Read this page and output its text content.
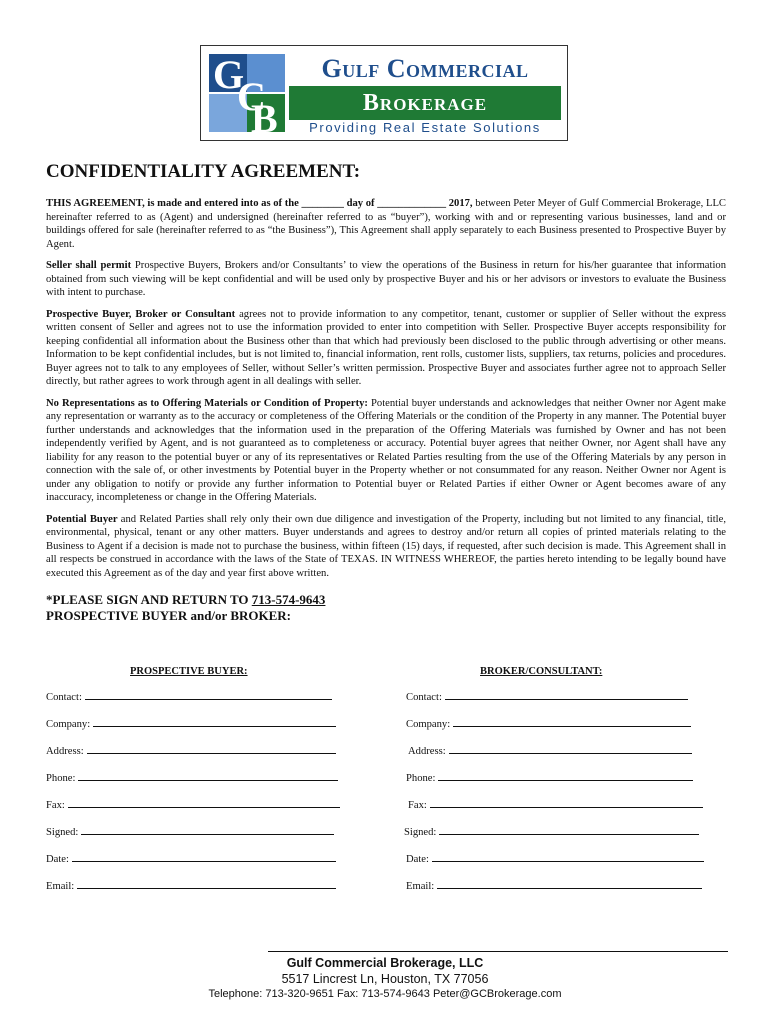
G
C
B
Gulf Commercial
Brokerage
Providing Real Estate Solutions
CONFIDENTIALITY AGREEMENT:

THIS AGREEMENT, is made and entered into as of the ________ day of _____________ 2017, between Peter Meyer of Gulf Commercial Brokerage, LLC hereinafter referred to as (Agent) and undersigned (hereinafter referred to as “buyer”), working with and or representing various businesses, land and or buildings offered for sale (hereinafter referred to as “the Business”), This Agreement shall apply separately to each Business presented to Prospective Buyer by Agent.

Seller shall permit Prospective Buyers, Brokers and/or Consultants’ to view the operations of the Business in return for his/her guarantee that information obtained from such viewing will be kept confidential and will be used only by prospective Buyer and his or her advisors or investors to evaluate the Business with intent to purchase.

Prospective Buyer, Broker or Consultant agrees not to provide information to any competitor, tenant, customer or supplier of Seller without the express written consent of Seller and agrees not to use the information provided to enter into competition with Seller. Prospective Buyer accepts responsibility for keeping confidential all information about the Business other than that which had previously been disclosed to the public through advertising or other means. Information to be kept confidential includes, but is not limited to, financial information, rent rolls, customer lists, suppliers, tax returns, policies and procedures. Buyer agrees not to talk to any employees of Seller, without Seller’s written permission. Prospective Buyer and associates further agree not to approach Seller directly, but rather agrees to work through agent in all dealings with seller.

No Representations as to Offering Materials or Condition of Property: Potential buyer understands and acknowledges that neither Owner nor Agent make any representation or warranty as to the accuracy or completeness of the Offering Materials or the condition of the Property in any manner. The Potential buyer further understands and acknowledges that the information used in the preparation of the Offering Materials was furnished by Owner and has not been independently verified by Agent, and is not guaranteed as to completeness or accuracy. Potential buyer agrees that neither Owner, nor Agent shall have any liability for any reason to the potential buyer or any of its representatives or Related Parties resulting from the use of the Offering Materials by any person in connection with the sale of, or other investments by Potential buyer in the Property whether or not consummated for any reason. Neither Owner nor Agent is under any obligation to notify or provide any further information to Potential buyer or Related Parties if either Owner or Agent becomes aware of any inaccuracy, incompleteness or change in the Offering Materials.

Potential Buyer and Related Parties shall rely only their own due diligence and investigation of the Property, including but not limited to any financial, title, environmental, physical, tenant or any other matters. Buyer understands and agrees to destroy and/or return all copies of printed materials relating to the Business to Agent if a decision is made not to purchase the business, within fifteen (15) days, if requested, after such decision is made. This Agreement shall in all respects be construed in accordance with the laws of the State of TEXAS. IN WITNESS WHEREOF, the parties hereto intending to be legally bound have executed this Agreement as of the day and year first above written.

*PLEASE SIGN AND RETURN TO 713-574-9643
PROSPECTIVE BUYER and/or BROKER:
PROSPECTIVE BUYER:	BROKER/CONSULTANT:
Contact:
Company:
Address:
Phone:
Fax:
Signed:
Date:
Email:
Contact:
Company:
Address:
Phone:
Fax:
Signed:
Date:
Email:
Gulf Commercial Brokerage, LLC
5517 Lincrest Ln, Houston, TX 77056
Telephone: 713-320-9651 Fax: 713-574-9643 Peter@GCBrokerage.com
